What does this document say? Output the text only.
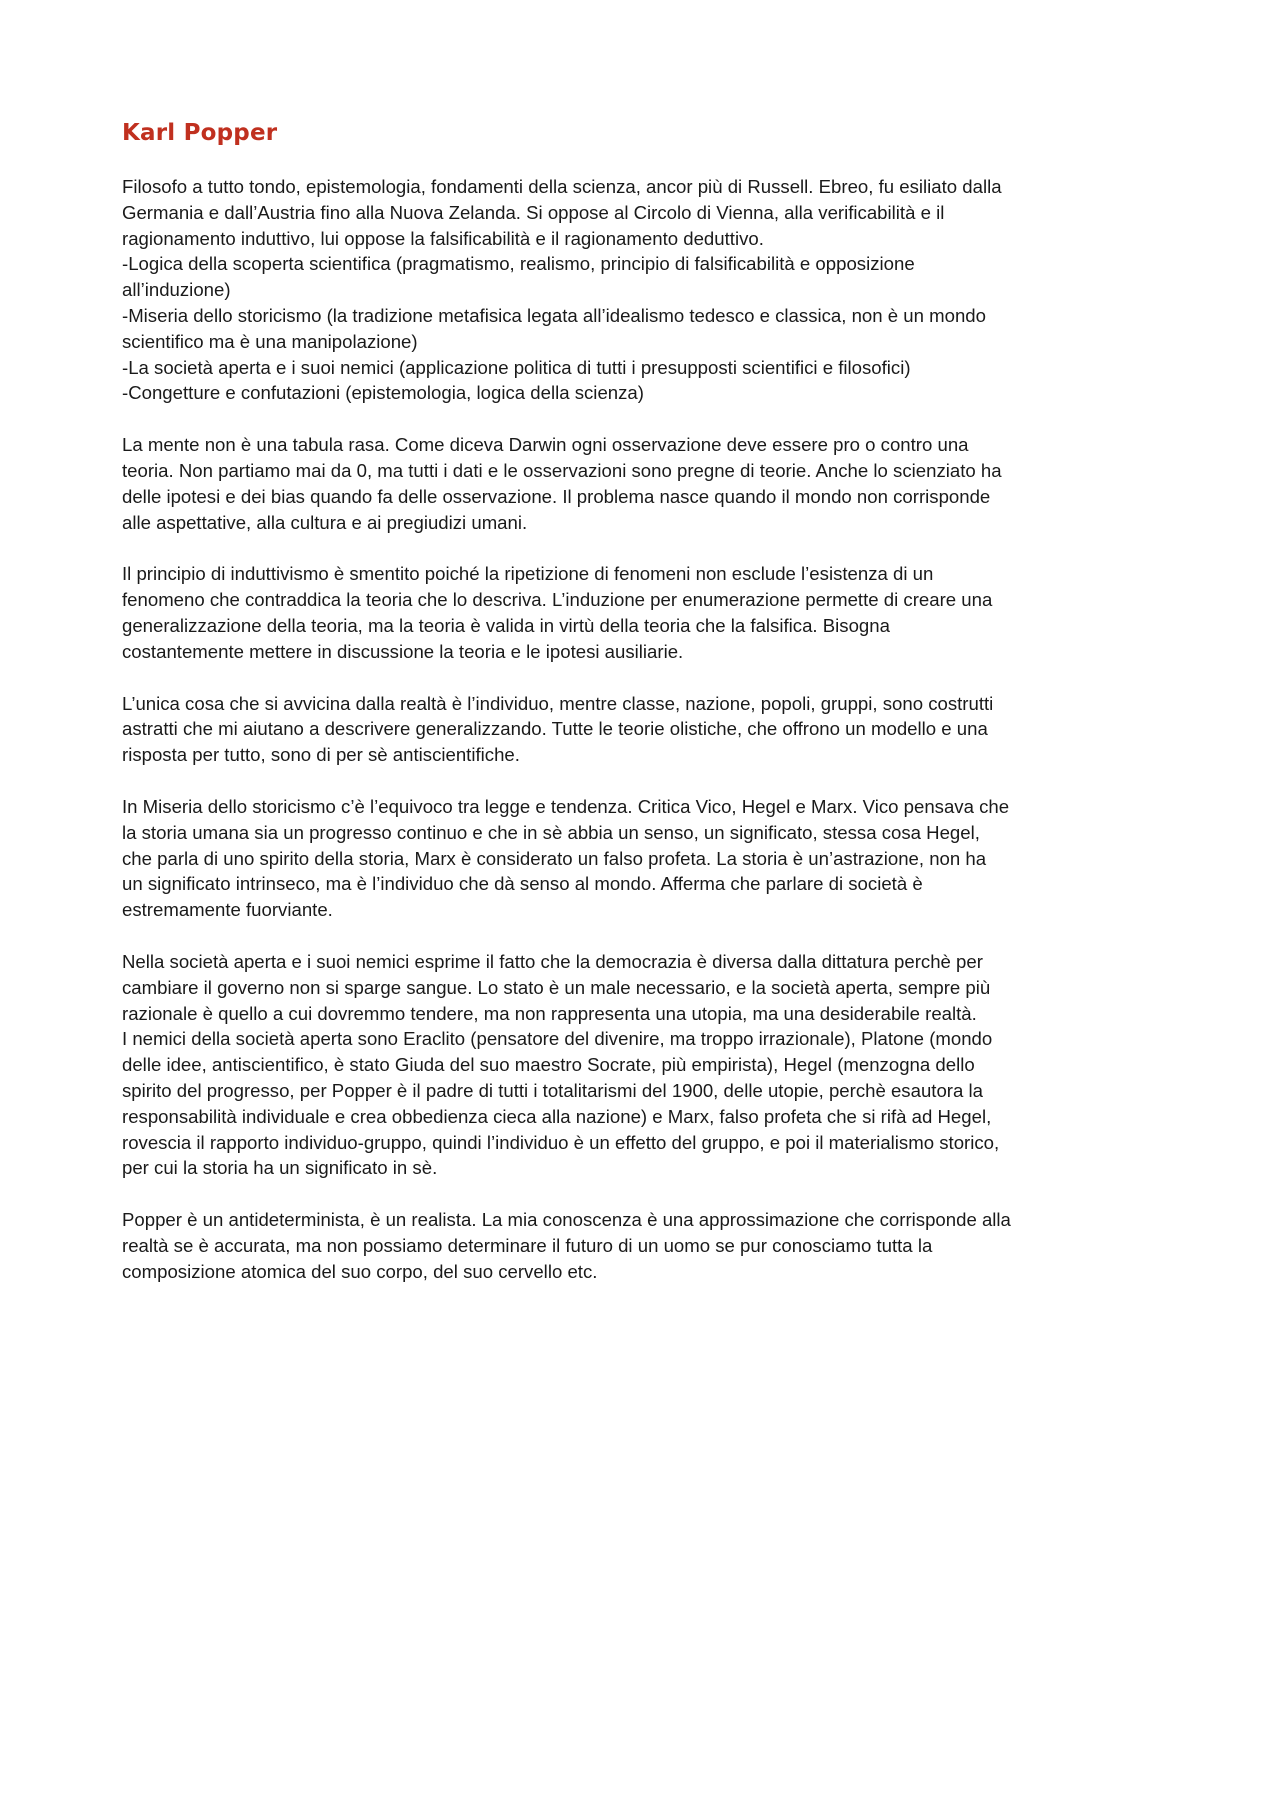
Karl Popper

Filosofo a tutto tondo, epistemologia, fondamenti della scienza, ancor più di Russell. Ebreo, fu esiliato dalla
Germania e dall’Austria fino alla Nuova Zelanda. Si oppose al Circolo di Vienna, alla verificabilità e il
ragionamento induttivo, lui oppose la falsificabilità e il ragionamento deduttivo.
-Logica della scoperta scientifica (pragmatismo, realismo, principio di falsificabilità e opposizione
all’induzione)
-Miseria dello storicismo (la tradizione metafisica legata all’idealismo tedesco e classica, non è un mondo
scientifico ma è una manipolazione)
-La società aperta e i suoi nemici (applicazione politica di tutti i presupposti scientifici e filosofici)
-Congetture e confutazioni (epistemologia, logica della scienza)

La mente non è una tabula rasa. Come diceva Darwin ogni osservazione deve essere pro o contro una
teoria. Non partiamo mai da 0, ma tutti i dati e le osservazioni sono pregne di teorie. Anche lo scienziato ha
delle ipotesi e dei bias quando fa delle osservazione. Il problema nasce quando il mondo non corrisponde
alle aspettative, alla cultura e ai pregiudizi umani.

Il principio di induttivismo è smentito poiché la ripetizione di fenomeni non esclude l’esistenza di un
fenomeno che contraddica la teoria che lo descriva. L’induzione per enumerazione permette di creare una
generalizzazione della teoria, ma la teoria è valida in virtù della teoria che la falsifica. Bisogna
costantemente mettere in discussione la teoria e le ipotesi ausiliarie.

L’unica cosa che si avvicina dalla realtà è l’individuo, mentre classe, nazione, popoli, gruppi, sono costrutti
astratti che mi aiutano a descrivere generalizzando. Tutte le teorie olistiche, che offrono un modello e una
risposta per tutto, sono di per sè antiscientifiche.

In Miseria dello storicismo c’è l’equivoco tra legge e tendenza. Critica Vico, Hegel e Marx. Vico pensava che
la storia umana sia un progresso continuo e che in sè abbia un senso, un significato, stessa cosa Hegel,
che parla di uno spirito della storia, Marx è considerato un falso profeta. La storia è un’astrazione, non ha
un significato intrinseco, ma è l’individuo che dà senso al mondo. Afferma che parlare di società è
estremamente fuorviante.

Nella società aperta e i suoi nemici esprime il fatto che la democrazia è diversa dalla dittatura perchè per
cambiare il governo non si sparge sangue. Lo stato è un male necessario, e la società aperta, sempre più
razionale è quello a cui dovremmo tendere, ma non rappresenta una utopia, ma una desiderabile realtà.
I nemici della società aperta sono Eraclito (pensatore del divenire, ma troppo irrazionale), Platone (mondo
delle idee, antiscientifico, è stato Giuda del suo maestro Socrate, più empirista), Hegel (menzogna dello
spirito del progresso, per Popper è il padre di tutti i totalitarismi del 1900, delle utopie, perchè esautora la
responsabilità individuale e crea obbedienza cieca alla nazione) e Marx, falso profeta che si rifà ad Hegel,
rovescia il rapporto individuo-gruppo, quindi l’individuo è un effetto del gruppo, e poi il materialismo storico,
per cui la storia ha un significato in sè.

Popper è un antideterminista, è un realista. La mia conoscenza è una approssimazione che corrisponde alla
realtà se è accurata, ma non possiamo determinare il futuro di un uomo se pur conosciamo tutta la
composizione atomica del suo corpo, del suo cervello etc.
